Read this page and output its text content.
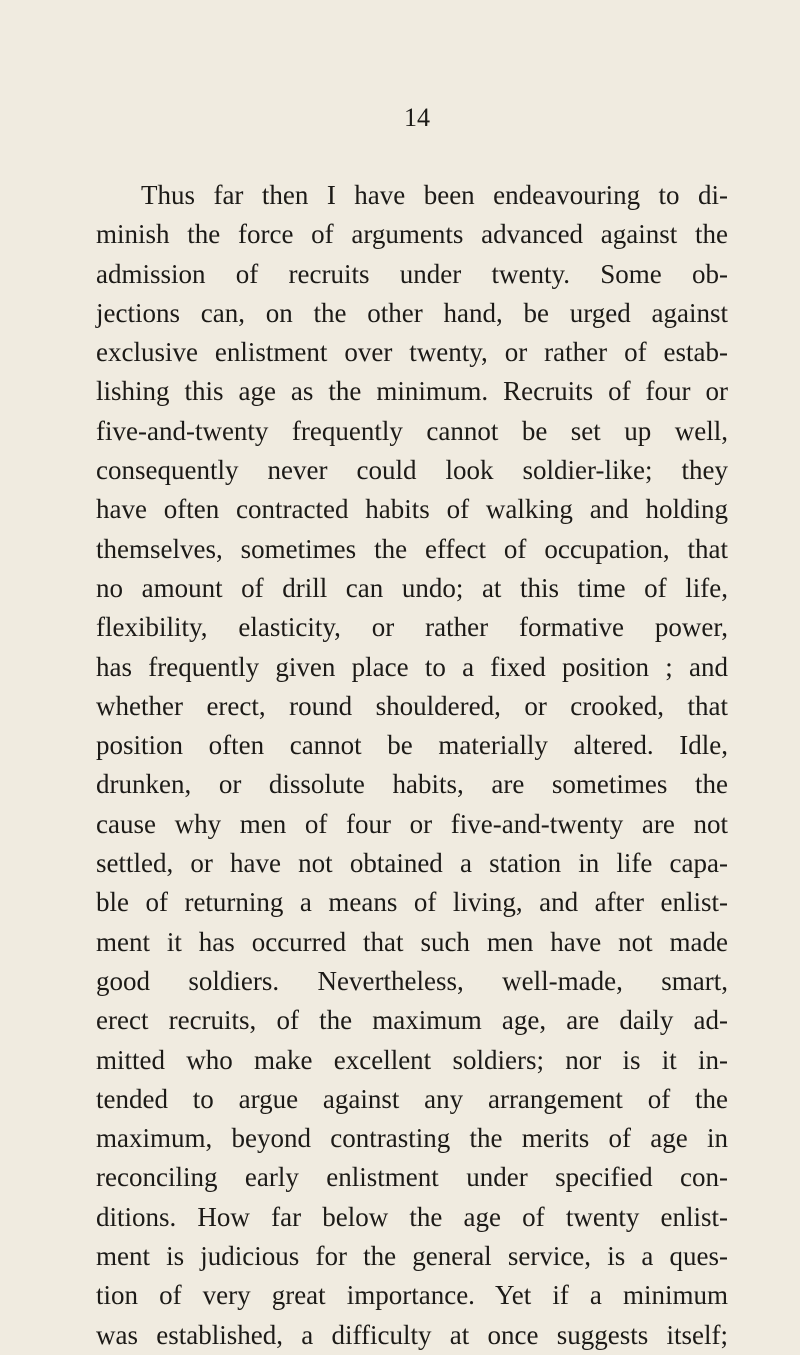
14
Thus far then I have been endeavouring to di-
minish the force of arguments advanced against the
admission of recruits under twenty. Some ob-
jections can, on the other hand, be urged against
exclusive enlistment over twenty, or rather of estab-
lishing this age as the minimum. Recruits of four or
five-and-twenty frequently cannot be set up well,
consequently never could look soldier-like; they
have often contracted habits of walking and holding
themselves, sometimes the effect of occupation, that
no amount of drill can undo; at this time of life,
flexibility, elasticity, or rather formative power,
has frequently given place to a fixed position ; and
whether erect, round shouldered, or crooked, that
position often cannot be materially altered. Idle,
drunken, or dissolute habits, are sometimes the
cause why men of four or five-and-twenty are not
settled, or have not obtained a station in life capa-
ble of returning a means of living, and after enlist-
ment it has occurred that such men have not made
good soldiers. Nevertheless, well-made, smart,
erect recruits, of the maximum age, are daily ad-
mitted who make excellent soldiers; nor is it in-
tended to argue against any arrangement of the
maximum, beyond contrasting the merits of age in
reconciling early enlistment under specified con-
ditions. How far below the age of twenty enlist-
ment is judicious for the general service, is a ques-
tion of very great importance. Yet if a minimum
was established, a difficulty at once suggests itself;
